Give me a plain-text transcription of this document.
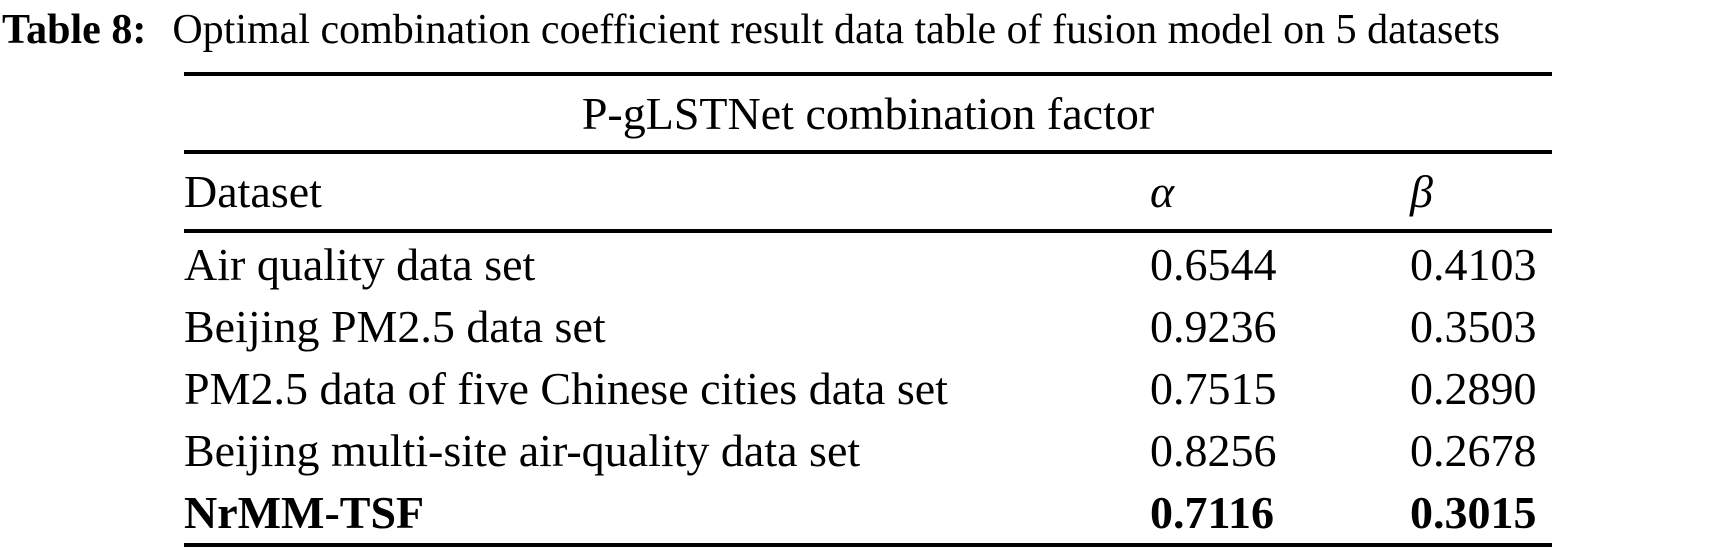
Table 8: Optimal combination coefficient result data table of fusion model on 5 datasets
P-gLSTNet combination factor
Dataset	α	β
Air quality data set	0.6544	0.4103
Beijing PM2.5 data set	0.9236	0.3503
PM2.5 data of five Chinese cities data set	0.7515	0.2890
Beijing multi-site air-quality data set	0.8256	0.2678
NrMM-TSF	0.7116	0.3015
